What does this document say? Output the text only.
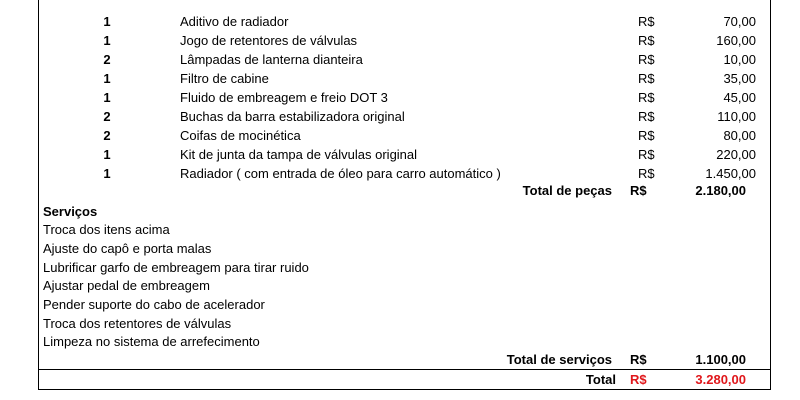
1	Aditivo de radiador	R$	70,00
1	Jogo de retentores de válvulas	R$	160,00
2	Lâmpadas de lanterna dianteira	R$	10,00
1	Filtro de cabine	R$	35,00
1	Fluido de embreagem e freio DOT 3	R$	45,00
2	Buchas da barra estabilizadora original	R$	110,00
2	Coifas de mocinética	R$	80,00
1	Kit de junta da tampa de válvulas original	R$	220,00
1	Radiador ( com entrada de óleo para carro automático )	R$	1.450,00
Total de peças R$	2.180,00
Serviços
Troca dos itens acima
Ajuste do capô e porta malas
Lubrificar garfo de embreagem para tirar ruido
Ajustar pedal de embreagem
Pender suporte do cabo de acelerador
Troca dos retentores de válvulas
Limpeza no sistema de arrefecimento
Total de serviços R$	1.100,00
Total R$	3.280,00
